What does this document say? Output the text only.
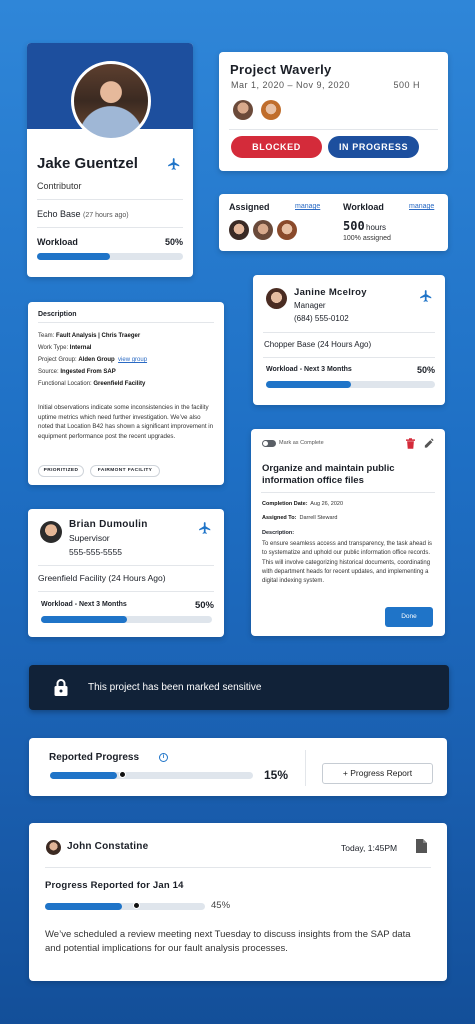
Jake Guentzel
Contributor
Echo Base (27 hours ago)
Workload	50%
Project Waverly
Mar 1, 2020 – Nov 9, 2020	500 H
BLOCKED	IN PROGRESS
Assigned	manage	Workload	manage
500 hours
100% assigned
Description
Team: Fault Analysis | Chris Traeger
Work Type: Internal
Project Group: Alden Group view group
Source: Ingested From SAP
Functional Location: Greenfield Facility
Initial observations indicate some inconsistencies in the facility uptime metrics which need further investigation. We’ve also noted that Location B42 has shown a significant improvement in equipment performance post the recent upgrades.
PRIORITIZED	FAIRMONT FACILITY
Janine Mcelroy
Manager
(684) 555-0102
Chopper Base (24 Hours Ago)
Workload - Next 3 Months	50%
Mark as Complete
Organize and maintain public information office files
Completion Date: Aug 26, 2020
Assigned To: Darrell Steward
Description:
To ensure seamless access and transparency, the task ahead is to systematize and uphold our public information office records. This will involve categorizing historical documents, coordinating with department heads for recent updates, and implementing a digital indexing system.
Done
Brian Dumoulin
Supervisor
555-555-5555
Greenfield Facility (24 Hours Ago)
Workload - Next 3 Months	50%
This project has been marked sensitive
Reported Progress	i
15%	+ Progress Report
John Constatine	Today, 1:45PM
Progress Reported for Jan 14
45%
We’ve scheduled a review meeting next Tuesday to discuss insights from the SAP data and potential implications for our fault analysis processes.
